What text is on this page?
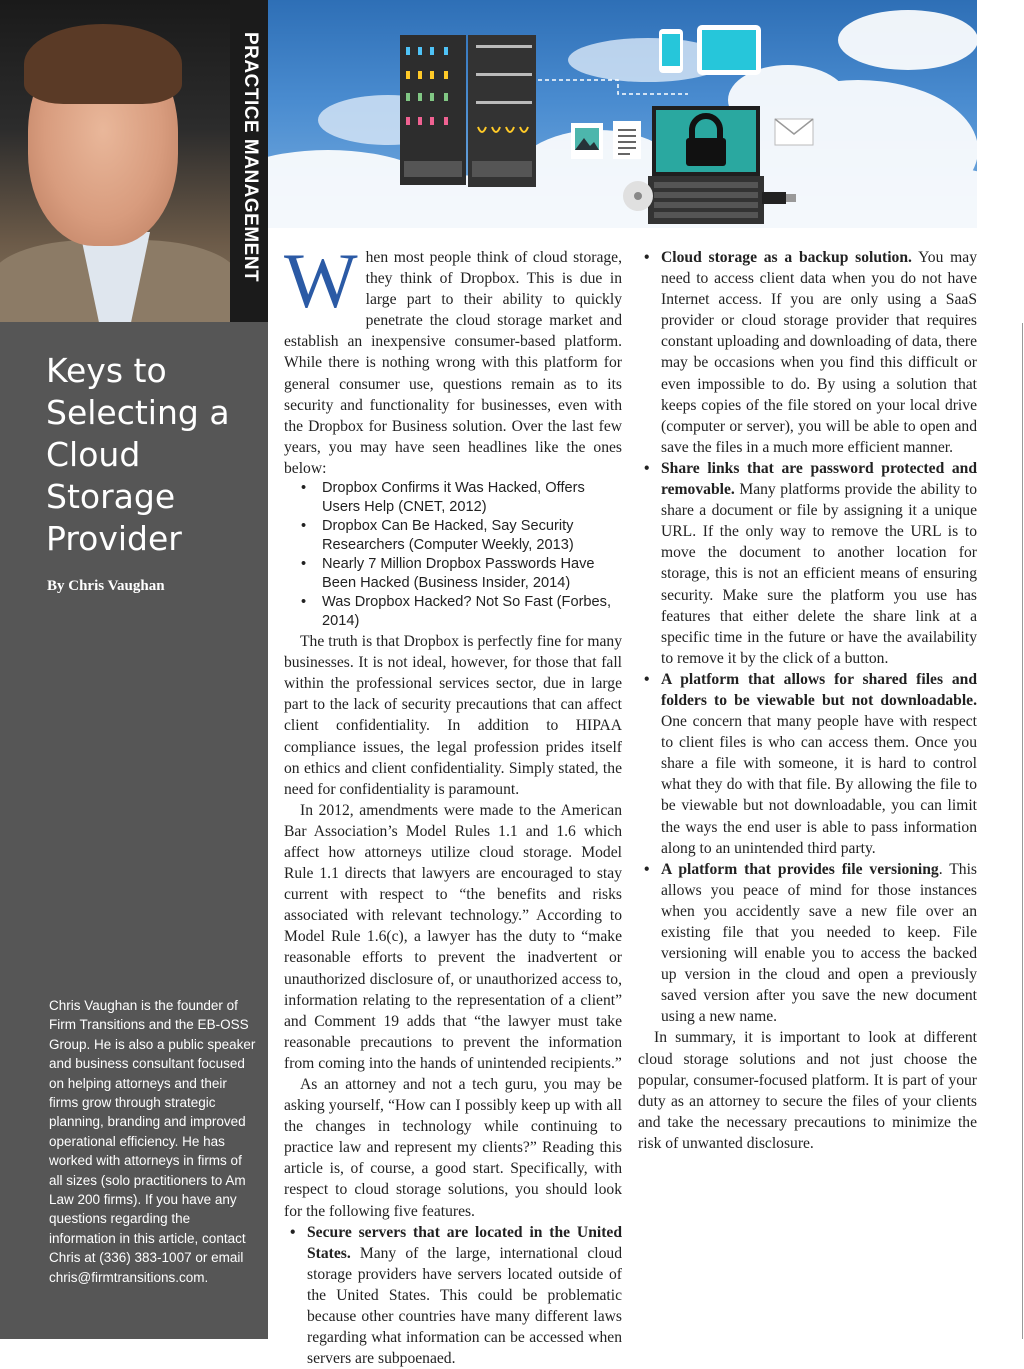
PRACTICE MANAGEMENT
Keys to Selecting a Cloud Storage Provider
By Chris Vaughan

Chris Vaughan is the founder of Firm Transitions and the EB-OSS Group. He is also a public speaker and business consultant focused on helping attorneys and their firms grow through strategic planning, branding and improved operational efficiency. He has worked with attorneys in firms of all sizes (solo practitioners to Am Law 200 firms). If you have any questions regarding the information in this article, contact Chris at (336) 383-1007 or email chris@firmtransitions.com.

When most people think of cloud storage, they think of Dropbox. This is due in large part to their ability to quickly penetrate the cloud storage market and establish an inexpensive consumer-based platform. While there is nothing wrong with this platform for general consumer use, questions remain as to its security and functionality for businesses, even with the Dropbox for Business solution. Over the last few years, you may have seen headlines like the ones below:

• Dropbox Confirms it Was Hacked, Offers Users Help (CNET, 2012)
• Dropbox Can Be Hacked, Say Security Researchers (Computer Weekly, 2013)
• Nearly 7 Million Dropbox Passwords Have Been Hacked (Business Insider, 2014)
• Was Dropbox Hacked? Not So Fast (Forbes, 2014)

The truth is that Dropbox is perfectly fine for many businesses. It is not ideal, however, for those that fall within the professional services sector, due in large part to the lack of security precautions that can affect client confidentiality. In addition to HIPAA compliance issues, the legal profession prides itself on ethics and client confidentiality. Simply stated, the need for confidentiality is paramount.

In 2012, amendments were made to the American Bar Association’s Model Rules 1.1 and 1.6 which affect how attorneys utilize cloud storage. Model Rule 1.1 directs that lawyers are encouraged to stay current with respect to “the benefits and risks associated with relevant technology.” According to Model Rule 1.6(c), a lawyer has the duty to “make reasonable efforts to prevent the inadvertent or unauthorized disclosure of, or unauthorized access to, information relating to the representation of a client” and Comment 19 adds that “the lawyer must take reasonable precautions to prevent the information from coming into the hands of unintended recipients.”

As an attorney and not a tech guru, you may be asking yourself, “How can I possibly keep up with all the changes in technology while continuing to practice law and represent my clients?” Reading this article is, of course, a good start. Specifically, with respect to cloud storage solutions, you should look for the following five features.

• Secure servers that are located in the United States. Many of the large, international cloud storage providers have servers located outside of the United States. This could be problematic because other countries have many different laws regarding what information can be accessed when servers are subpoenaed.
• Cloud storage as a backup solution. You may need to access client data when you do not have Internet access. If you are only using a SaaS provider or cloud storage provider that requires constant uploading and downloading of data, there may be occasions when you find this difficult or even impossible to do. By using a solution that keeps copies of the file stored on your local drive (computer or server), you will be able to open and save the files in a much more efficient manner.
• Share links that are password protected and removable. Many platforms provide the ability to share a document or file by assigning it a unique URL. If the only way to remove the URL is to move the document to another location for storage, this is not an efficient means of ensuring security. Make sure the platform you use has features that either delete the share link at a specific time in the future or have the availability to remove it by the click of a button.
• A platform that allows for shared files and folders to be viewable but not downloadable. One concern that many people have with respect to client files is who can access them. Once you share a file with someone, it is hard to control what they do with that file. By allowing the file to be viewable but not downloadable, you can limit the ways the end user is able to pass information along to an unintended third party.
• A platform that provides file versioning. This allows you peace of mind for those instances when you accidently save a new file over an existing file that you needed to keep. File versioning will enable you to access the backed up version in the cloud and open a previously saved version after you save the new document using a new name.

In summary, it is important to look at different cloud storage solutions and not just choose the popular, consumer-focused platform. It is part of your duty as an attorney to secure the files of your clients and take the necessary precautions to minimize the risk of unwanted disclosure.
